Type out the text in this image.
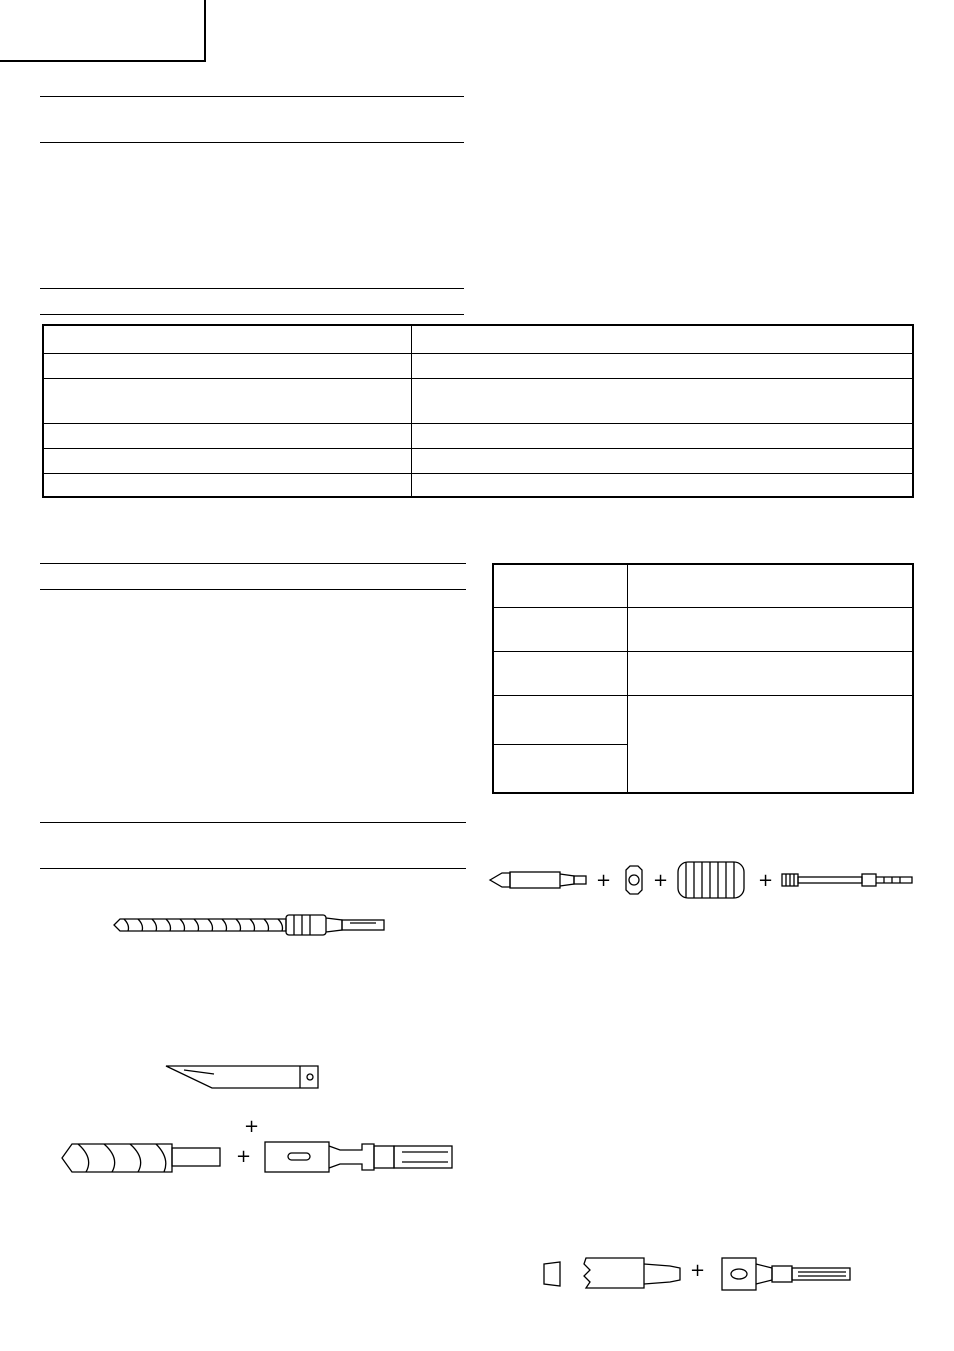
+ +	+
+
+
+
